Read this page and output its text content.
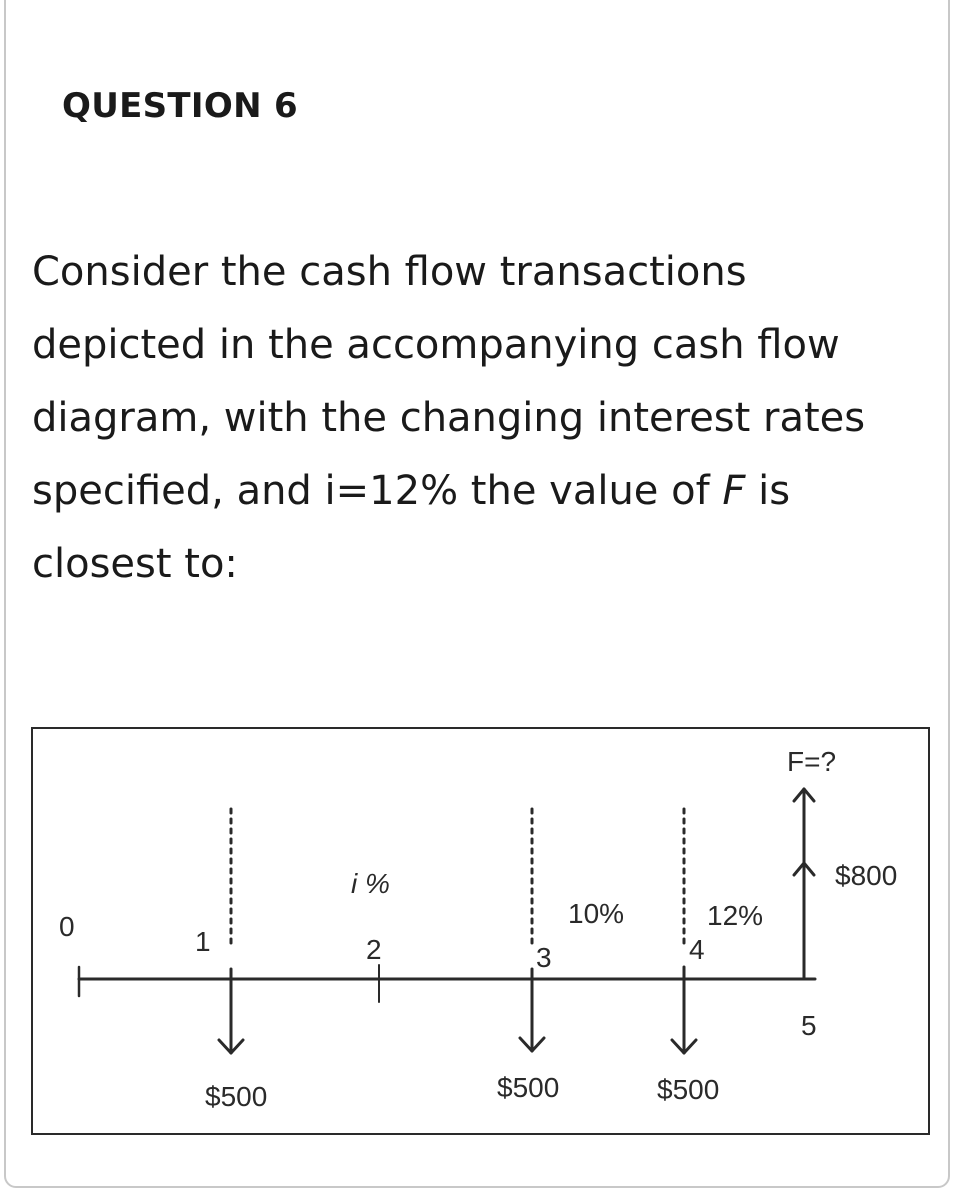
QUESTION 6

Consider the cash flow transactions depicted in the accompanying cash flow diagram, with the changing interest rates specified, and i=12% the value of F is closest to:

0	1	2	3	4
5
i %
10%	12%
$500	$500	$500
$800
F=?
